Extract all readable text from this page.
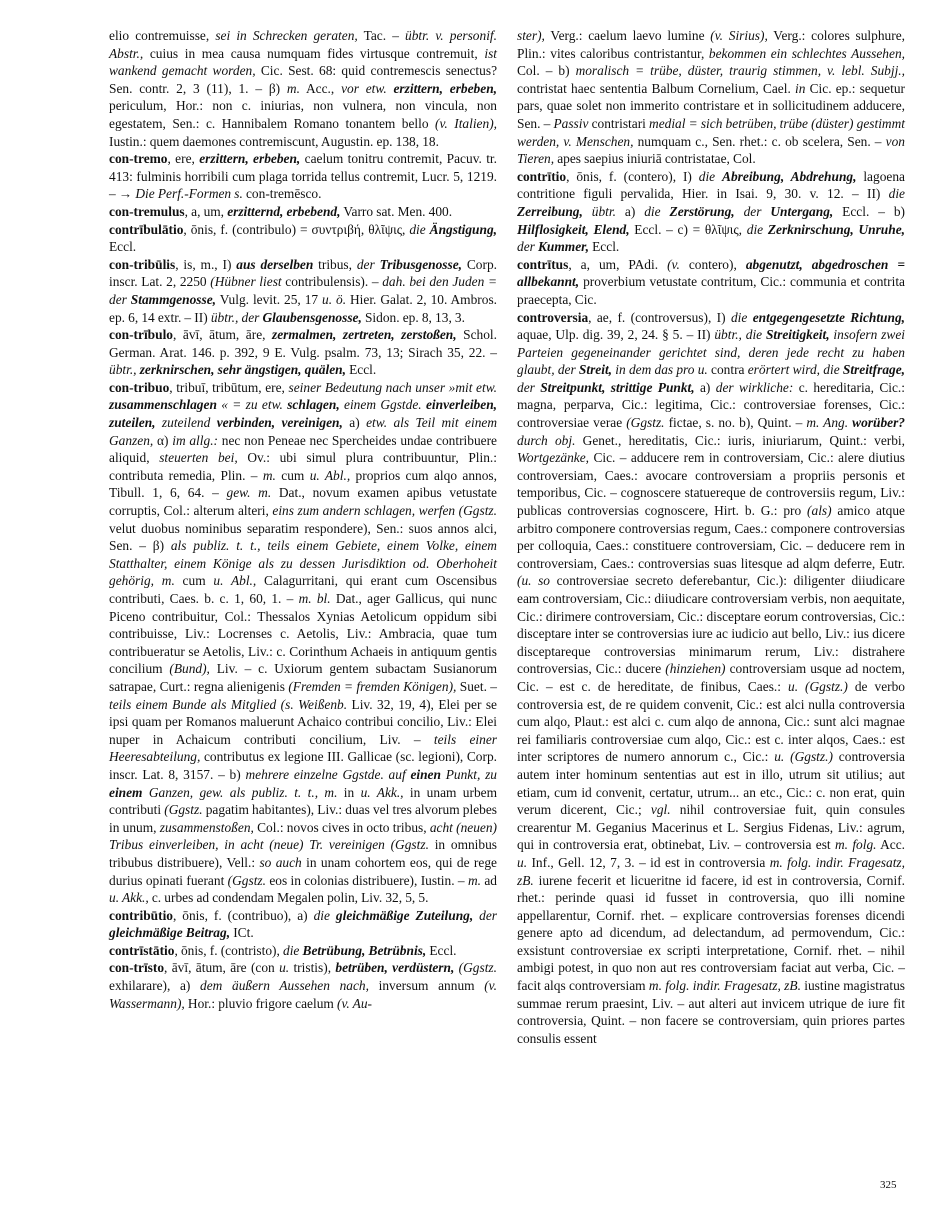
elio contremuisse, sei in Schrecken geraten, Tac. – übtr. v. personif. Abstr., cuius in mea causa numquam fides virtusque contremuit, ist wankend gemacht worden, Cic. Sest. 68: quid contremescis senectus? Sen. contr. 2, 3 (11), 1. – β) m. Acc., vor etw. erzittern, erbeben, periculum, Hor.: non c. iniurias, non vulnera, non vincula, non egestatem, Sen.: c. Hannibalem Romano tonantem bello (v. Italien), Iustin.: quem daemones contremiscunt, Augustin. ep. 138, 18.

con-tremo, ere, erzittern, erbeben, caelum tonitru contremit, Pacuv. tr. 413: fulminis horribili cum plaga torrida tellus contremit, Lucr. 5, 1219. – → Die Perf.-Formen s. con-tremēsco.

con-tremulus, a, um, erzitternd, erbebend, Varro sat. Men. 400.

contrībulātio, ōnis, f. (contribulo) = συντριβή, θλῖψις, die Ängstigung, Eccl.

con-tribūlis, is, m., I) aus derselben tribus, der Tribusgenosse, Corp. inscr. Lat. 2, 2250 (Hübner liest contribulensis). – dah. bei den Juden = der Stammgenosse, Vulg. levit. 25, 17 u. ö. Hier. Galat. 2, 10. Ambros. ep. 6, 14 extr. – II) übtr., der Glaubensgenosse, Sidon. ep. 8, 13, 3.

con-trībulo, āvī, ātum, āre, zermalmen, zertreten, zerstoßen, Schol. German. Arat. 146. p. 392, 9 E. Vulg. psalm. 73, 13; Sirach 35, 22. – übtr., zerknirschen, sehr ängstigen, quälen, Eccl.

con-tribuo, tribuī, tribūtum, ere, seiner Bedeutung nach unser »mit etw. zusammenschlagen « = zu etw. schlagen, einem Ggstde. einverleiben, zuteilen, zuteilend verbinden, vereinigen, a) etw. als Teil mit einem Ganzen, α) im allg.: nec non Peneae nec Spercheides undae contribuere aliquid, steuerten bei, Ov.: ubi simul plura contribuuntur, Plin.: contributa remedia, Plin. – m. cum u. Abl., proprios cum alqo annos, Tibull. 1, 6, 64. – gew. m. Dat., novum examen apibus vetustate corruptis, Col.: alterum alteri, eins zum andern schlagen, werfen (Ggstz. velut duobus nominibus separatim respondere), Sen.: suos annos alci, Sen. – β) als publiz. t. t., teils einem Gebiete, einem Volke, einem Statthalter, einem Könige als zu dessen Jurisdiktion od. Oberhoheit gehörig, m. cum u. Abl., Calagurritani, qui erant cum Oscensibus contributi, Caes. b. c. 1, 60, 1. – m. bl. Dat., ager Gallicus, qui nunc Piceno contribuitur, Col.: Thessalos Xynias Aetolicum oppidum sibi contribuisse, Liv.: Locrenses c. Aetolis, Liv.: Ambracia, quae tum contribueratur se Aetolis, Liv.: c. Corinthum Achaeis in antiquum gentis concilium (Bund), Liv. – c. Uxiorum gentem subactam Susianorum satrapae, Curt.: regna alienigenis (Fremden = fremden Königen), Suet. – teils einem Bunde als Mitglied (s. Weißenb. Liv. 32, 19, 4), Elei per se ipsi quam per Romanos maluerunt Achaico contribui concilio, Liv.: Elei nuper in Achaicum contributi concilium, Liv. – teils einer Heeresabteilung, contributus ex legione III. Gallicae (sc. legioni), Corp. inscr. Lat. 8, 3157. – b) mehrere einzelne Ggstde. auf einen Punkt, zu einem Ganzen, gew. als publiz. t. t., m. in u. Akk., in unam urbem contributi (Ggstz. pagatim habitantes), Liv.: duas vel tres alvorum plebes in unum, zusammenstoßen, Col.: novos cives in octo tribus, acht (neuen) Tribus einverleiben, in acht (neue) Tr. vereinigen (Ggstz. in omnibus tribubus distribuere), Vell.: so auch in unam cohortem eos, qui de rege durius opinati fuerant (Ggstz. eos in colonias distribuere), Iustin. – m. ad u. Akk., c. urbes ad condendam Megalen polin, Liv. 32, 5, 5.

contribūtio, ōnis, f. (contribuo), a) die gleichmäßige Zuteilung, der gleichmäßige Beitrag, ICt.

contrīstātio, ōnis, f. (contristo), die Betrübung, Betrübnis, Eccl.

con-trīsto, āvī, ātum, āre (con u. tristis), betrüben, verdüstern, (Ggstz. exhilarare), a) dem äußern Aussehen nach, inversum annum (v. Wassermann), Hor.: pluvio frigore caelum (v. Au-

ster), Verg.: caelum laevo lumine (v. Sirius), Verg.: colores sulphure, Plin.: vites caloribus contristantur, bekommen ein schlechtes Aussehen, Col. – b) moralisch = trübe, düster, traurig stimmen, v. lebl. Subjj., contristat haec sententia Balbum Cornelium, Cael. in Cic. ep.: sequetur pars, quae solet non immerito contristare et in sollicitudinem adducere, Sen. – Passiv contristari medial = sich betrüben, trübe (düster) gestimmt werden, v. Menschen, numquam c., Sen. rhet.: c. ob scelera, Sen. – von Tieren, apes saepius iniuriā contristatae, Col.

contrītio, ōnis, f. (contero), I) die Abreibung, Abdrehung, lagoena contritione figuli pervalida, Hier. in Isai. 9, 30. v. 12. – II) die Zerreibung, übtr. a) die Zerstörung, der Untergang, Eccl. – b) Hilflosigkeit, Elend, Eccl. – c) = θλῖψις, die Zerknirschung, Unruhe, der Kummer, Eccl.

contrītus, a, um, PAdi. (v. contero), abgenutzt, abgedroschen = allbekannt, proverbium vetustate contritum, Cic.: communia et contrita praecepta, Cic.

controversia, ae, f. (controversus), I) die entgegengesetzte Richtung, aquae, Ulp. dig. 39, 2, 24. § 5. – II) übtr., die Streitigkeit, insofern zwei Parteien gegeneinander gerichtet sind, deren jede recht zu haben glaubt, der Streit, in dem das pro u. contra erörtert wird, die Streitfrage, der Streitpunkt, strittige Punkt, a) der wirkliche: c. hereditaria, Cic.: magna, perparva, Cic.: legitima, Cic.: controversiae forenses, Cic.: controversiae verae (Ggstz. fictae, s. no. b), Quint. – m. Ang. worüber? durch obj. Genet., hereditatis, Cic.: iuris, iniuriarum, Quint.: verbi, Wortgezänke, Cic. – adducere rem in controversiam, Cic.: alere diutius controversiam, Caes.: avocare controversiam a propriis personis et temporibus, Cic. – cognoscere statuereque de controversiis regum, Liv.: publicas controversias cognoscere, Hirt. b. G.: pro (als) amico atque arbitro componere controversias regum, Caes.: componere controversias per colloquia, Caes.: constituere controversiam, Cic. – deducere rem in controversiam, Caes.: controversias suas litesque ad alqm deferre, Eutr. (u. so controversiae secreto deferebantur, Cic.): diligenter diiudicare eam controversiam, Cic.: diiudicare controversiam verbis, non aequitate, Cic.: dirimere controversiam, Cic.: disceptare eorum controversias, Cic.: disceptare inter se controversias iure ac iudicio aut bello, Liv.: ius dicere disceptareque controversias minimarum rerum, Liv.: distrahere controversias, Cic.: ducere (hinziehen) controversiam usque ad noctem, Cic. – est c. de hereditate, de finibus, Caes.: u. (Ggstz.) de verbo controversia est, de re quidem convenit, Cic.: est alci nulla controversia cum alqo, Plaut.: est alci c. cum alqo de annona, Cic.: sunt alci magnae rei familiaris controversiae cum alqo, Cic.: est c. inter alqos, Caes.: est inter scriptores de numero annorum c., Cic.: u. (Ggstz.) controversia autem inter hominum sententias aut est in illo, utrum sit utilius; aut etiam, cum id convenit, certatur, utrum... an etc., Cic.: c. non erat, quin verum dicerent, Cic.; vgl. nihil controversiae fuit, quin consules crearentur M. Geganius Macerinus et L. Sergius Fidenas, Liv.: agrum, qui in controversia erat, obtinebat, Liv. – controversia est m. folg. Acc. u. Inf., Gell. 12, 7, 3. – id est in controversia m. folg. indir. Fragesatz, zB. iurene fecerit et licueritne id facere, id est in controversia, Cornif. rhet.: perinde quasi id fusset in controversia, quo illi nomine appellarentur, Cornif. rhet. – explicare controversias forenses dicendi genere apto ad dicendum, ad delectandum, ad permovendum, Cic.: exsistunt controversiae ex scripti interpretatione, Cornif. rhet. – nihil ambigi potest, in quo non aut res controversiam faciat aut verba, Cic. – facit alqs controversiam m. folg. indir. Fragesatz, zB. iustine magistratus summae rerum praesint, Liv. – aut alteri aut invicem utrique de iure fit controversia, Quint. – non facere se controversiam, quin priores partes consulis essent

325
